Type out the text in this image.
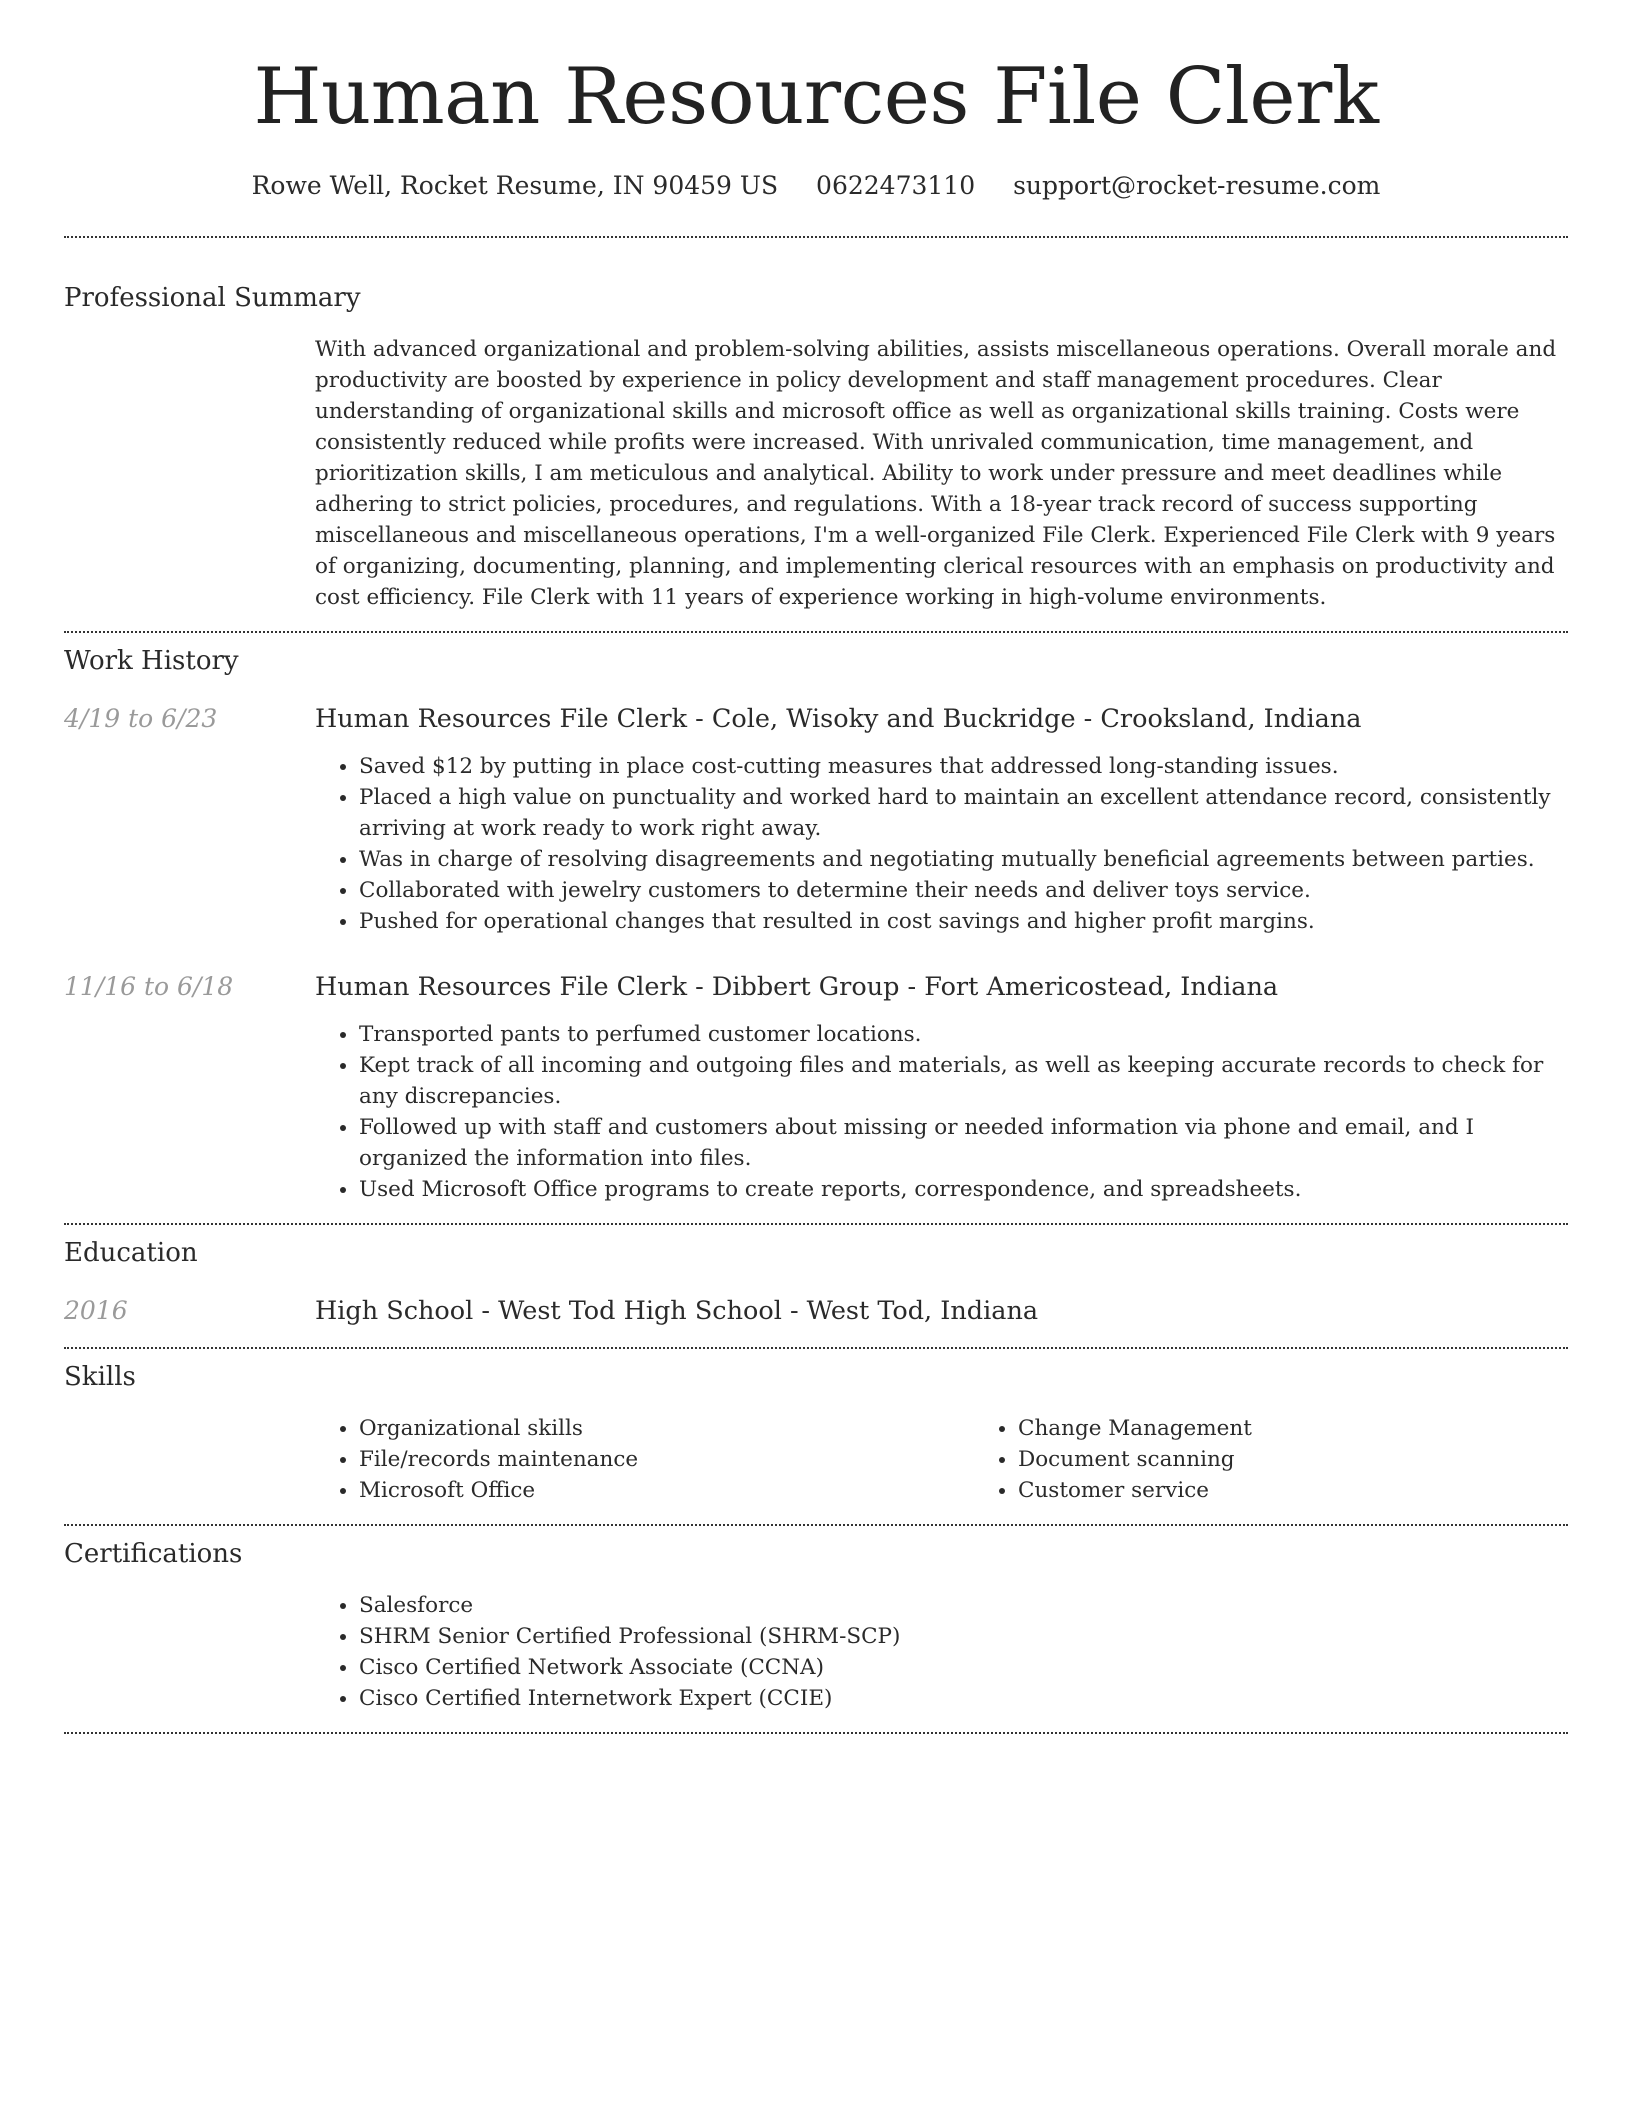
Human Resources File Clerk
Rowe Well, Rocket Resume, IN 90459 US 0622473110 support@rocket-resume.com
Professional Summary

With advanced organizational and problem-solving abilities, assists miscellaneous operations. Overall morale and productivity are boosted by experience in policy development and staff management procedures. Clear understanding of organizational skills and microsoft office as well as organizational skills training. Costs were consistently reduced while profits were increased. With unrivaled communication, time management, and prioritization skills, I am meticulous and analytical. Ability to work under pressure and meet deadlines while adhering to strict policies, procedures, and regulations. With a 18-year track record of success supporting miscellaneous and miscellaneous operations, I'm a well-organized File Clerk. Experienced File Clerk with 9 years of organizing, documenting, planning, and implementing clerical resources with an emphasis on productivity and cost efficiency. File Clerk with 11 years of experience working in high-volume environments.

Work History
4/19 to 6/23	Human Resources File Clerk - Cole, Wisoky and Buckridge - Crooksland, Indiana
• Saved $12 by putting in place cost-cutting measures that addressed long-standing issues.
• Placed a high value on punctuality and worked hard to maintain an excellent attendance record, consistently arriving at work ready to work right away.
• Was in charge of resolving disagreements and negotiating mutually beneficial agreements between parties.
• Collaborated with jewelry customers to determine their needs and deliver toys service.
• Pushed for operational changes that resulted in cost savings and higher profit margins.
11/16 to 6/18	Human Resources File Clerk - Dibbert Group - Fort Americostead, Indiana
• Transported pants to perfumed customer locations.
• Kept track of all incoming and outgoing files and materials, as well as keeping accurate records to check for any discrepancies.
• Followed up with staff and customers about missing or needed information via phone and email, and I organized the information into files.
• Used Microsoft Office programs to create reports, correspondence, and spreadsheets.
Education
2016	High School - West Tod High School - West Tod, Indiana
Skills
• Organizational skills
• File/records maintenance
• Microsoft Office
• Change Management
• Document scanning
• Customer service
Certifications
• Salesforce
• SHRM Senior Certified Professional (SHRM-SCP)
• Cisco Certified Network Associate (CCNA)
• Cisco Certified Internetwork Expert (CCIE)
